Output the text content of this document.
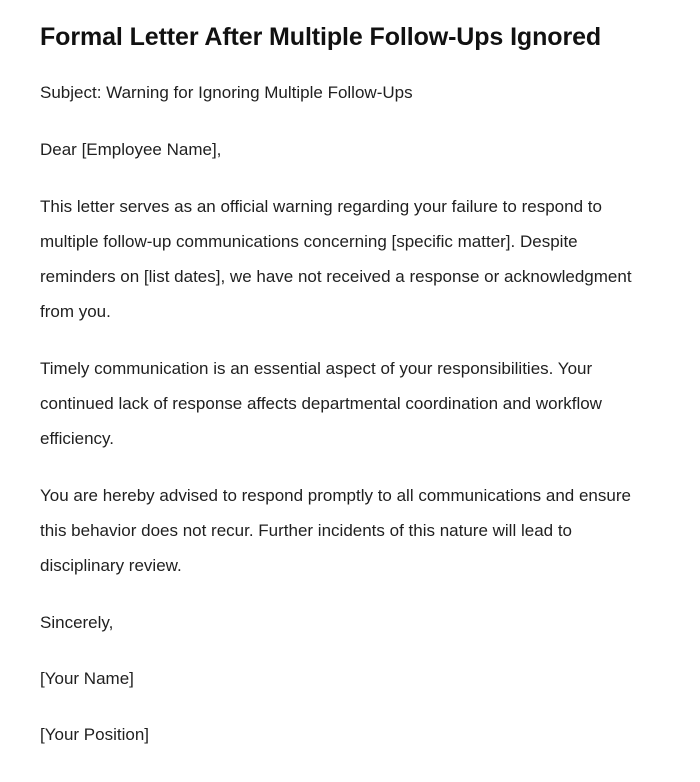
Formal Letter After Multiple Follow-Ups Ignored

Subject: Warning for Ignoring Multiple Follow-Ups

Dear [Employee Name],

This letter serves as an official warning regarding your failure to respond to multiple follow-up communications concerning [specific matter]. Despite reminders on [list dates], we have not received a response or acknowledgment from you.

Timely communication is an essential aspect of your responsibilities. Your continued lack of response affects departmental coordination and workflow efficiency.

You are hereby advised to respond promptly to all communications and ensure this behavior does not recur. Further incidents of this nature will lead to disciplinary review.

Sincerely,

[Your Name]

[Your Position]
